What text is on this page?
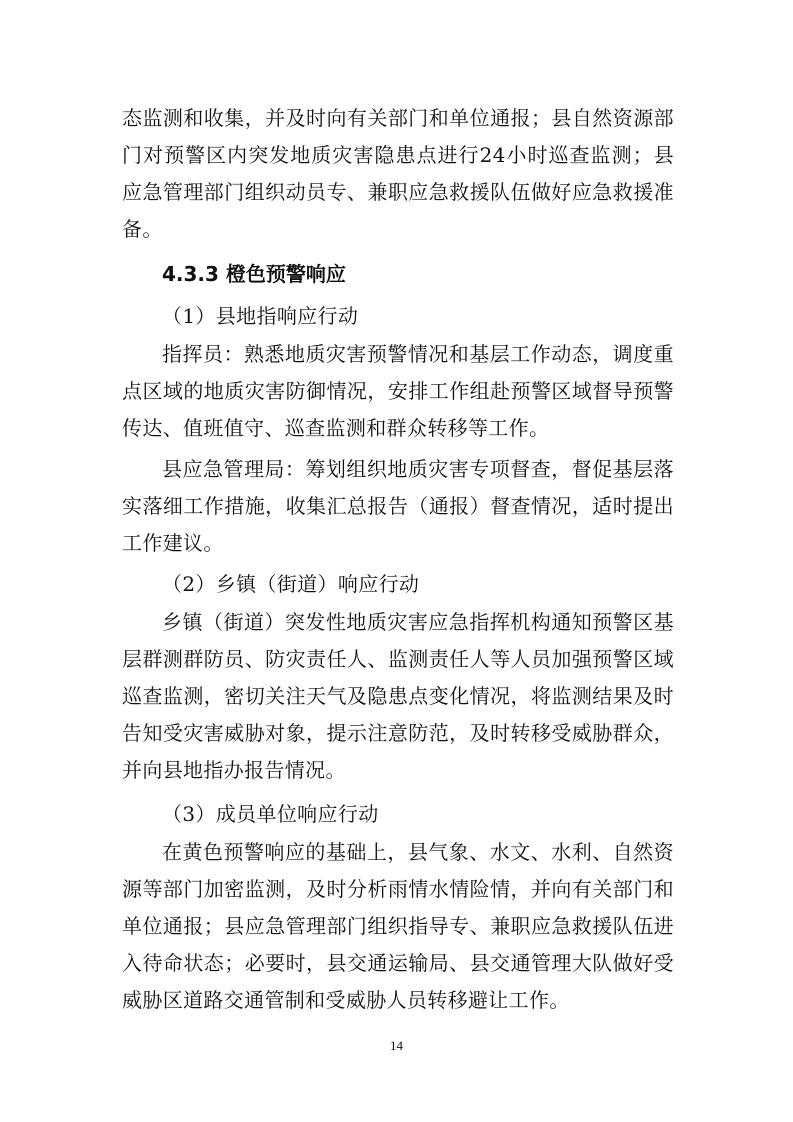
态监测和收集，并及时向有关部门和单位通报；县自然资源部门对预警区内突发地质灾害隐患点进行24小时巡查监测；县应急管理部门组织动员专、兼职应急救援队伍做好应急救援准备。

4.3.3 橙色预警响应

（1）县地指响应行动

指挥员：熟悉地质灾害预警情况和基层工作动态，调度重点区域的地质灾害防御情况，安排工作组赴预警区域督导预警传达、值班值守、巡查监测和群众转移等工作。

县应急管理局：筹划组织地质灾害专项督查，督促基层落实落细工作措施，收集汇总报告（通报）督查情况，适时提出工作建议。

（2）乡镇（街道）响应行动

乡镇（街道）突发性地质灾害应急指挥机构通知预警区基层群测群防员、防灾责任人、监测责任人等人员加强预警区域巡查监测，密切关注天气及隐患点变化情况，将监测结果及时告知受灾害威胁对象，提示注意防范，及时转移受威胁群众，并向县地指办报告情况。

（3）成员单位响应行动

在黄色预警响应的基础上，县气象、水文、水利、自然资源等部门加密监测，及时分析雨情水情险情，并向有关部门和单位通报；县应急管理部门组织指导专、兼职应急救援队伍进入待命状态；必要时，县交通运输局、县交通管理大队做好受威胁区道路交通管制和受威胁人员转移避让工作。

14
